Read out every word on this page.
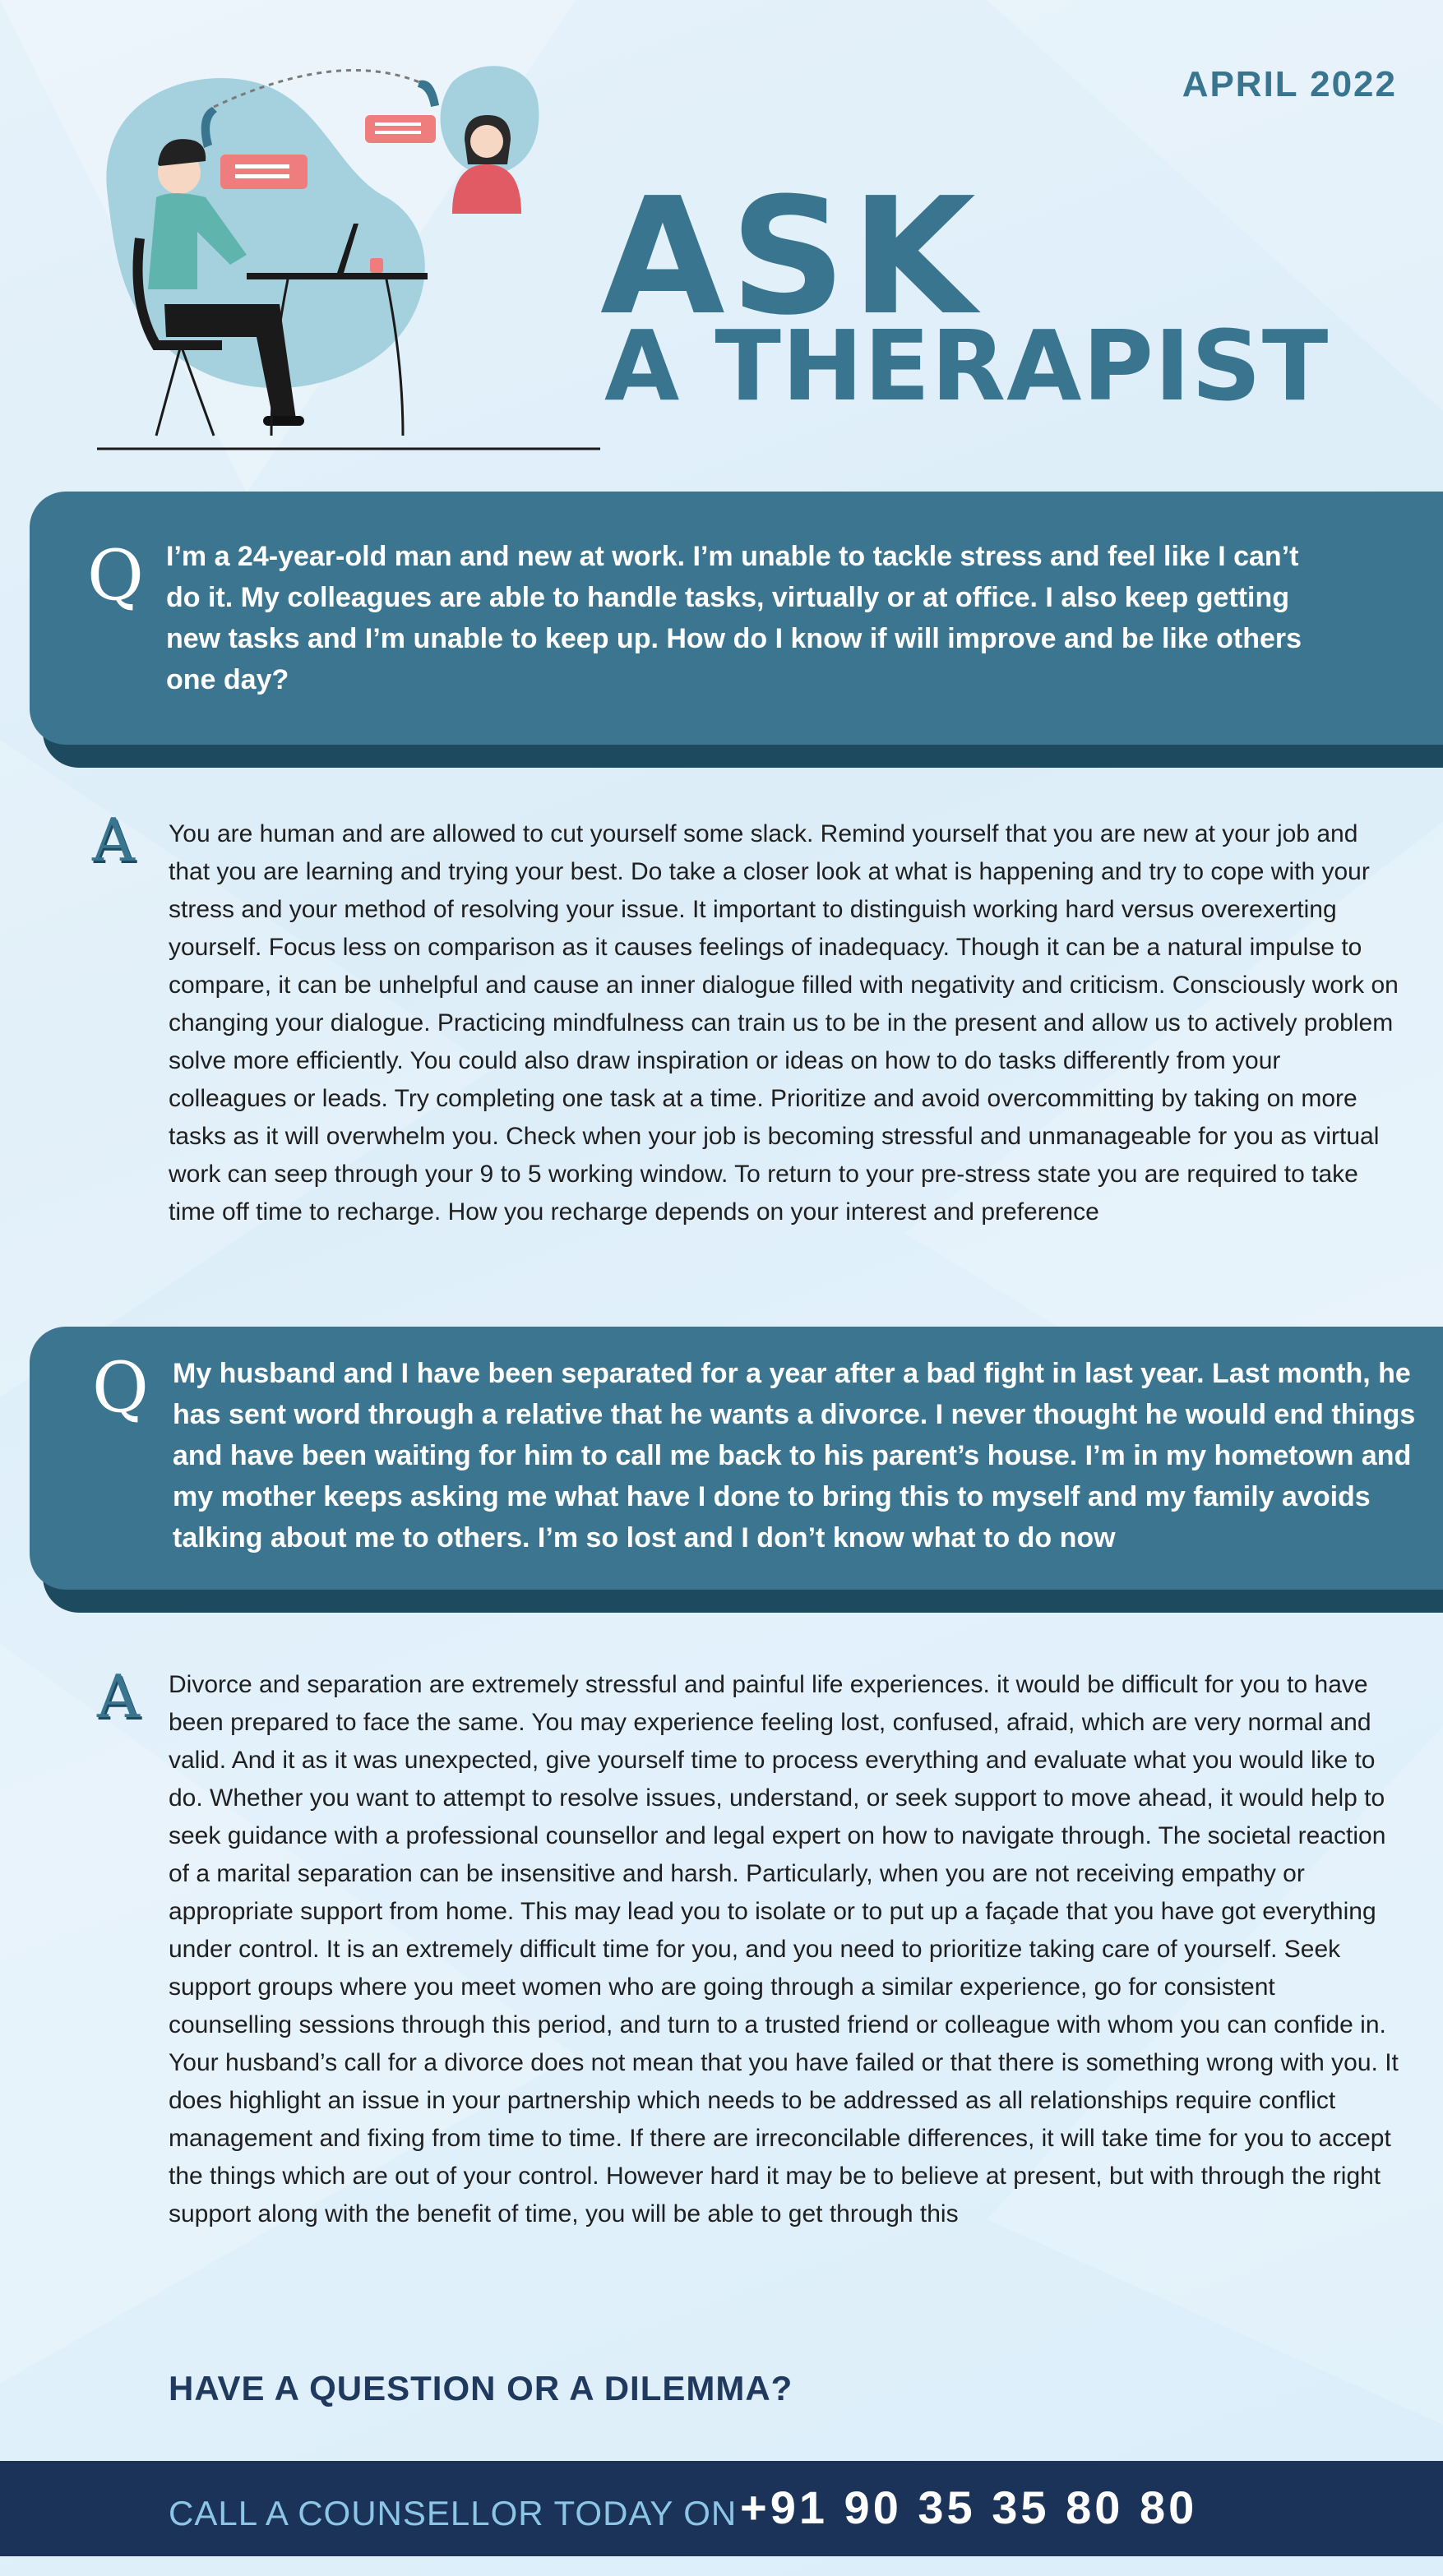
APRIL 2022
ASK
A THERAPIST
Q I’m a 24-year-old man and new at work. I’m unable to tackle stress and feel like I can’t do it. My colleagues are able to handle tasks, virtually or at office. I also keep getting new tasks and I’m unable to keep up. How do I know if will improve and be like others one day?
A You are human and are allowed to cut yourself some slack. Remind yourself that you are new at your job and that you are learning and trying your best. Do take a closer look at what is happening and try to cope with your stress and your method of resolving your issue. It important to distinguish working hard versus overexerting yourself. Focus less on comparison as it causes feelings of inadequacy. Though it can be a natural impulse to compare, it can be unhelpful and cause an inner dialogue filled with negativity and criticism. Consciously work on changing your dialogue. Practicing mindfulness can train us to be in the present and allow us to actively problem solve more efficiently. You could also draw inspiration or ideas on how to do tasks differently from your colleagues or leads. Try completing one task at a time. Prioritize and avoid overcommitting by taking on more tasks as it will overwhelm you. Check when your job is becoming stressful and unmanageable for you as virtual work can seep through your 9 to 5 working window. To return to your pre-stress state you are required to take time off time to recharge. How you recharge depends on your interest and preference
Q My husband and I have been separated for a year after a bad fight in last year. Last month, he has sent word through a relative that he wants a divorce. I never thought he would end things and have been waiting for him to call me back to his parent’s house. I’m in my hometown and my mother keeps asking me what have I done to bring this to myself and my family avoids talking about me to others. I’m so lost and I don’t know what to do now
A Divorce and separation are extremely stressful and painful life experiences. it would be difficult for you to have been prepared to face the same. You may experience feeling lost, confused, afraid, which are very normal and valid. And it as it was unexpected, give yourself time to process everything and evaluate what you would like to do. Whether you want to attempt to resolve issues, understand, or seek support to move ahead, it would help to seek guidance with a professional counsellor and legal expert on how to navigate through. The societal reaction of a marital separation can be insensitive and harsh. Particularly, when you are not receiving empathy or appropriate support from home. This may lead you to isolate or to put up a façade that you have got everything under control. It is an extremely difficult time for you, and you need to prioritize taking care of yourself. Seek support groups where you meet women who are going through a similar experience, go for consistent counselling sessions through this period, and turn to a trusted friend or colleague with whom you can confide in. Your husband’s call for a divorce does not mean that you have failed or that there is something wrong with you. It does highlight an issue in your partnership which needs to be addressed as all relationships require conflict management and fixing from time to time. If there are irreconcilable differences, it will take time for you to accept the things which are out of your control. However hard it may be to believe at present, but with through the right support along with the benefit of time, you will be able to get through this
HAVE A QUESTION OR A DILEMMA?
CALL A COUNSELLOR TODAY ON +91 90 35 35 80 80
